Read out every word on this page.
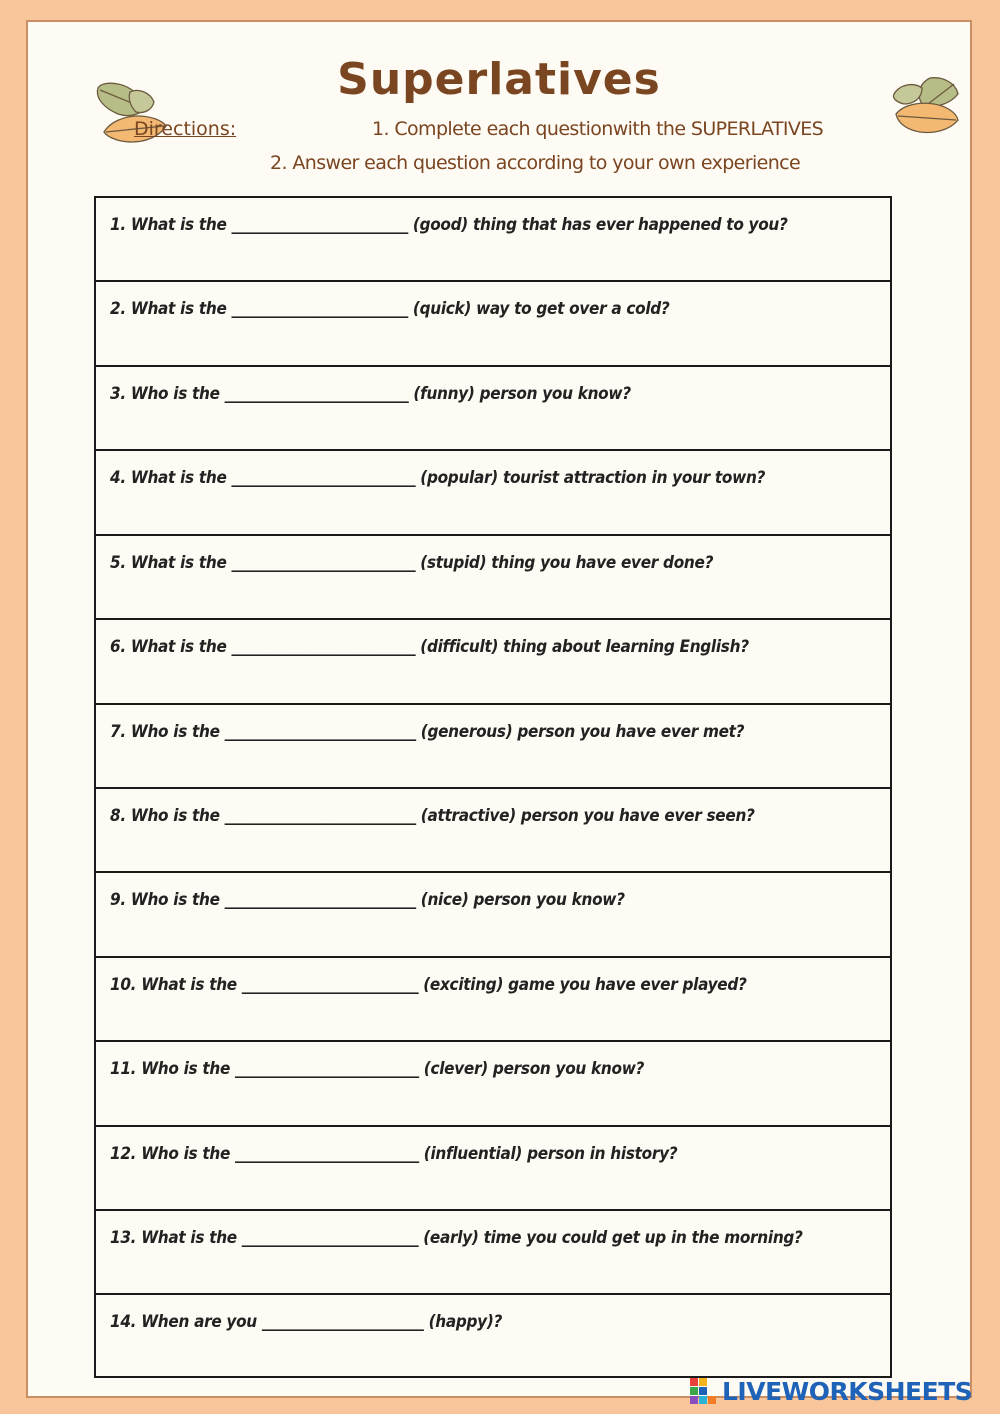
Superlatives
Directions:	1. Complete each questionwith the SUPERLATIVES
2. Answer each question according to your own experience
1. What is the ________________________ (good) thing that has ever happened to you?
2. What is the ________________________ (quick) way to get over a cold?
3. Who is the _________________________ (funny) person you know?
4. What is the _________________________ (popular) tourist attraction in your town?
5. What is the _________________________ (stupid) thing you have ever done?
6. What is the _________________________ (difficult) thing about learning English?
7. Who is the __________________________ (generous) person you have ever met?
8. Who is the __________________________ (attractive) person you have ever seen?
9. Who is the __________________________ (nice) person you know?
10. What is the ________________________ (exciting) game you have ever played?
11. Who is the _________________________ (clever) person you know?
12. Who is the _________________________ (influential) person in history?
13. What is the ________________________ (early) time you could get up in the morning?
14. When are you ______________________ (happy)?
LIVEWORKSHEETS
